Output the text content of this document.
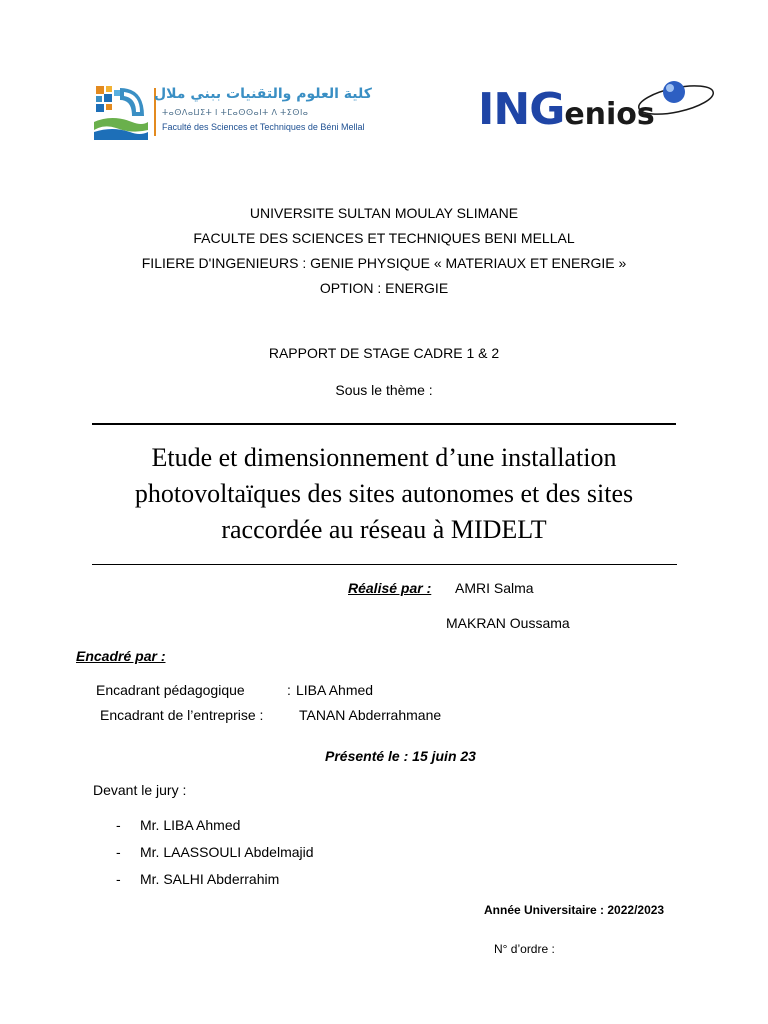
كلية العلوم والتقنيات ببني ملال
ⵜⴰⵙⴷⴰⵡⵉⵜ ⵏ ⵜⵎⴰⵙⵙⴰⵏⵜ ⴷ ⵜⵉⵙⵏⴰ
Faculté des Sciences et Techniques de Béni Mellal	INGenios
UNIVERSITE SULTAN MOULAY SLIMANE
FACULTE DES SCIENCES ET TECHNIQUES BENI MELLAL
FILIERE D'INGENIEURS : GENIE PHYSIQUE « MATERIAUX ET ENERGIE »
OPTION : ENERGIE
RAPPORT DE STAGE CADRE 1 & 2
Sous le thème :
Etude et dimensionnement d’une installation photovoltaïques des sites autonomes et des sites raccordée au réseau à MIDELT
Réalisé par : AMRI Salma
MAKRAN Oussama
Encadré par :
Encadrant pédagogique	: LIBA Ahmed
Encadrant de l’entreprise :	TANAN Abderrahmane
Présenté le : 15 juin 23
Devant le jury :
- Mr. LIBA Ahmed
- Mr. LAASSOULI Abdelmajid
- Mr. SALHI Abderrahim
Année Universitaire : 2022/2023
N° d’ordre :
